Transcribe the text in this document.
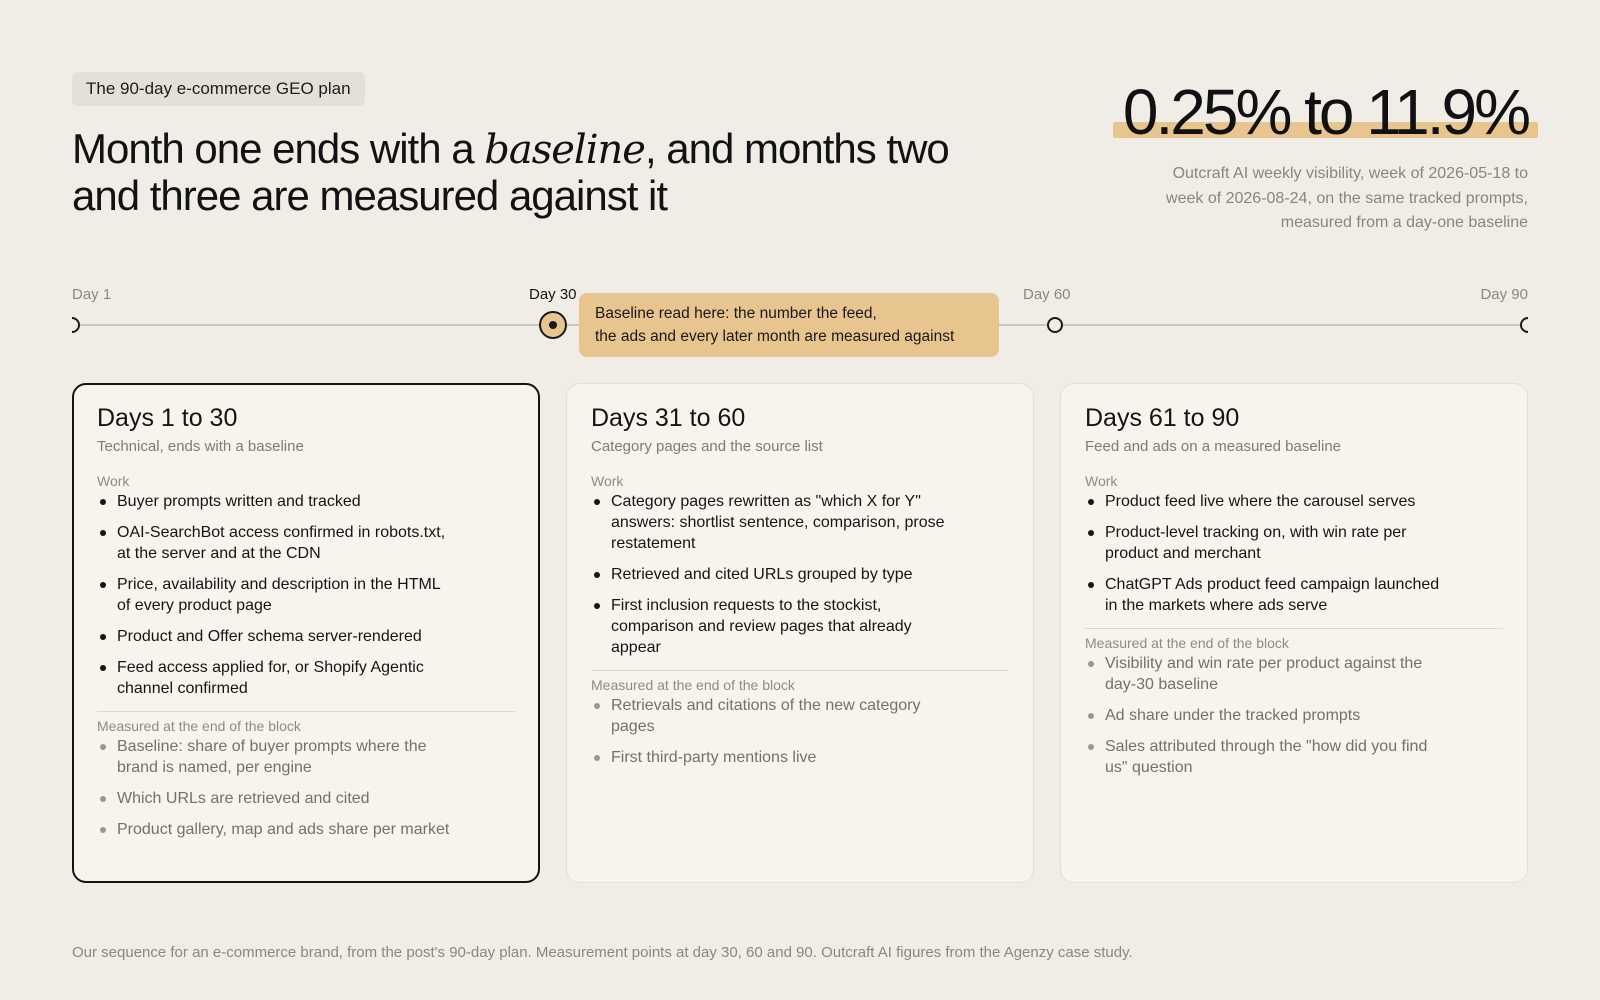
The 90-day e-commerce GEO plan
Month one ends with a baseline, and months two and three are measured against it
0.25% to 11.9%
Outcraft AI weekly visibility, week of 2026-05-18 to
week of 2026-08-24, on the same tracked prompts,
measured from a day-one baseline
Day 1	Day 30	Day 60	Day 90
Baseline read here: the number the feed,
the ads and every later month are measured against
Days 1 to 30
Technical, ends with a baseline
Work
Buyer prompts written and tracked
OAI-SearchBot access confirmed in robots.txt, at the server and at the CDN
Price, availability and description in the HTML of every product page
Product and Offer schema server-rendered
Feed access applied for, or Shopify Agentic channel confirmed
Measured at the end of the block
Baseline: share of buyer prompts where the brand is named, per engine
Which URLs are retrieved and cited
Product gallery, map and ads share per market
Days 31 to 60
Category pages and the source list
Work
Category pages rewritten as "which X for Y" answers: shortlist sentence, comparison, prose restatement
Retrieved and cited URLs grouped by type
First inclusion requests to the stockist, comparison and review pages that already appear
Measured at the end of the block
Retrievals and citations of the new category pages
First third-party mentions live
Days 61 to 90
Feed and ads on a measured baseline
Work
Product feed live where the carousel serves
Product-level tracking on, with win rate per product and merchant
ChatGPT Ads product feed campaign launched in the markets where ads serve
Measured at the end of the block
Visibility and win rate per product against the day-30 baseline
Ad share under the tracked prompts
Sales attributed through the "how did you find us" question
Our sequence for an e-commerce brand, from the post's 90-day plan. Measurement points at day 30, 60 and 90. Outcraft AI figures from the Agenzy case study.
